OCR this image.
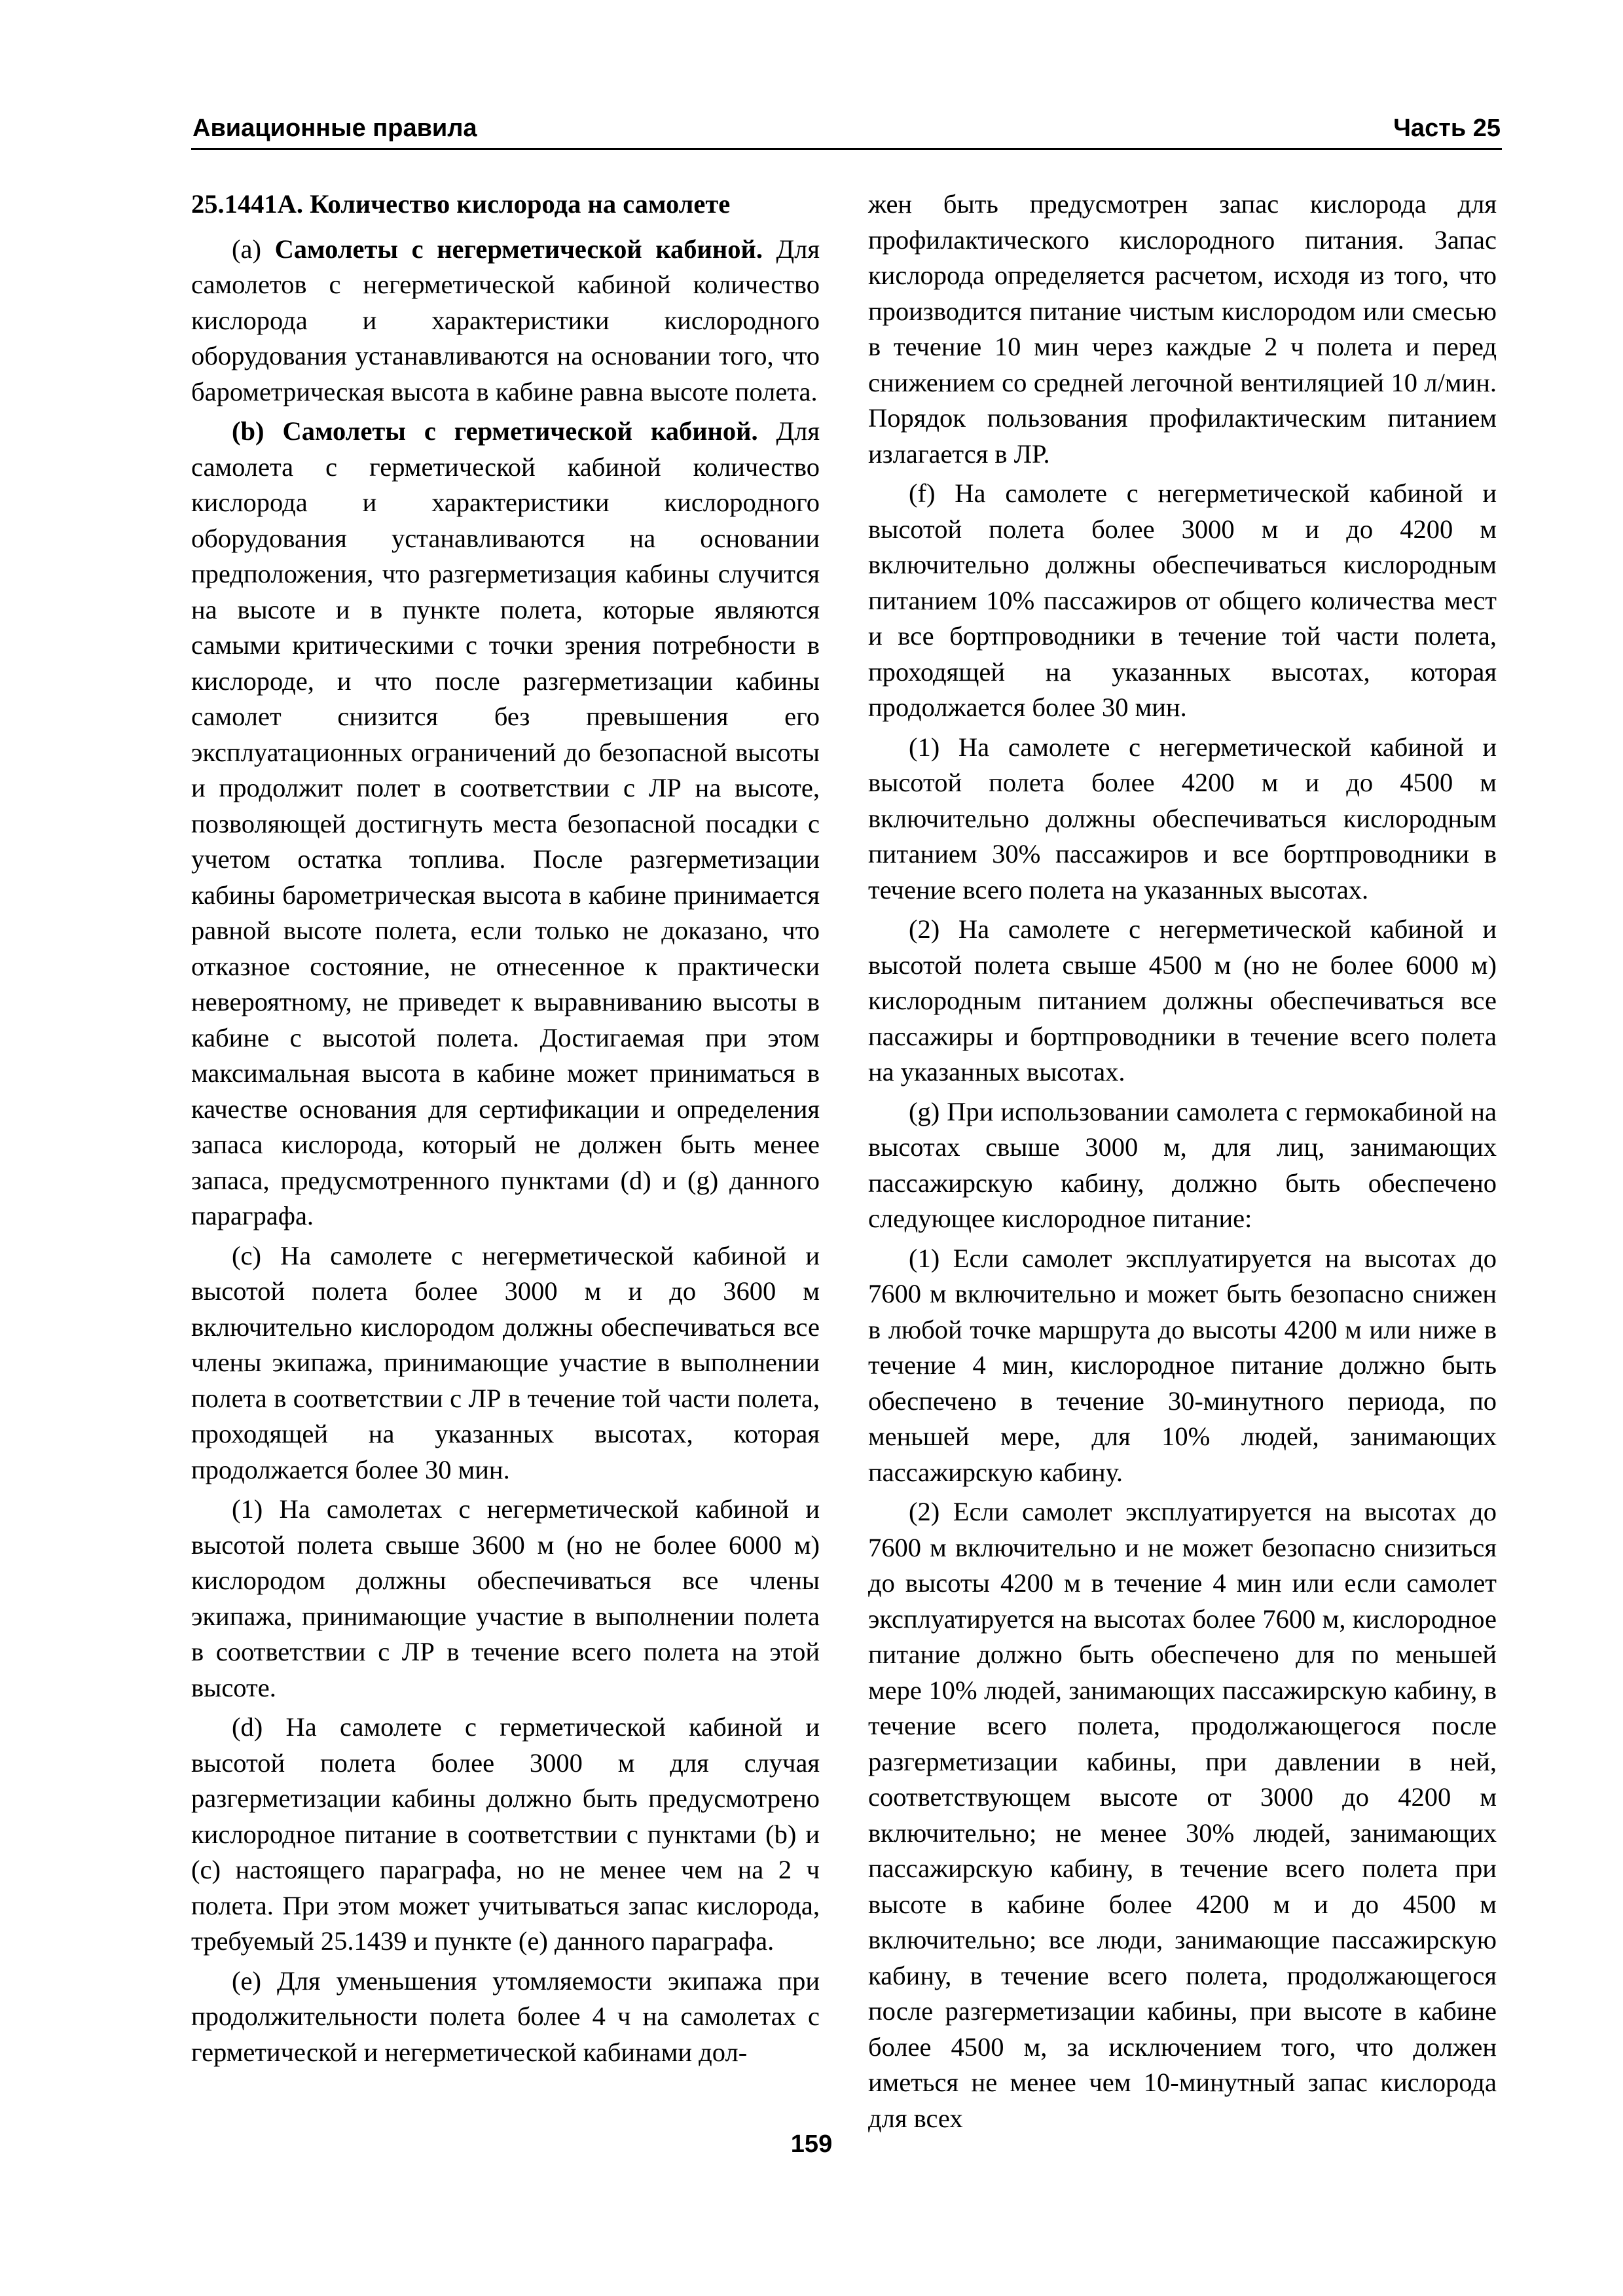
Авиационные правила	Часть 25
25.1441A. Количество кислорода на самолете

(a) Самолеты с негерметической кабиной. Для самолетов с негерметической кабиной количество кислорода и характеристики кислородного оборудования устанавливаются на основании того, что барометрическая высота в кабине равна высоте полета.

(b) Самолеты с герметической кабиной. Для самолета с герметической кабиной количество кислорода и характеристики кислородного оборудования устанавливаются на основании предположения, что разгерметизация кабины случится на высоте и в пункте полета, которые являются самыми критическими с точки зрения потребности в кислороде, и что после разгерметизации кабины самолет снизится без превышения его эксплуатационных ограничений до безопасной высоты и продолжит полет в соответствии с ЛР на высоте, позволяющей достигнуть места безопасной посадки с учетом остатка топлива. После разгерметизации кабины барометрическая высота в кабине принимается равной высоте полета, если только не доказано, что отказное состояние, не отнесенное к практически невероятному, не приведет к выравниванию высоты в кабине с высотой полета. Достигаемая при этом максимальная высота в кабине может приниматься в качестве основания для сертификации и определения запаса кислорода, который не должен быть менее запаса, предусмотренного пунктами (d) и (g) данного параграфа.

(c) На самолете с негерметической кабиной и высотой полета более 3000 м и до 3600 м включительно кислородом должны обеспечиваться все члены экипажа, принимающие участие в выполнении полета в соответствии с ЛР в течение той части полета, проходящей на указанных высотах, которая продолжается более 30 мин.

(1) На самолетах с негерметической кабиной и высотой полета свыше 3600 м (но не более 6000 м) кислородом должны обеспечиваться все члены экипажа, принимающие участие в выполнении полета в соответствии с ЛР в течение всего полета на этой высоте.

(d) На самолете с герметической кабиной и высотой полета более 3000 м для случая разгерметизации кабины должно быть предусмотрено кислородное питание в соответствии с пунктами (b) и (c) настоящего параграфа, но не менее чем на 2 ч полета. При этом может учитываться запас кислорода, требуемый 25.1439 и пункте (e) данного параграфа.

(e) Для уменьшения утомляемости экипажа при продолжительности полета более 4 ч на самолетах с герметической и негерметической кабинами дол-

жен быть предусмотрен запас кислорода для профилактического кислородного питания. Запас кислорода определяется расчетом, исходя из того, что производится питание чистым кислородом или смесью в течение 10 мин через каждые 2 ч полета и перед снижением со средней легочной вентиляцией 10 л/мин. Порядок пользования профилактическим питанием излагается в ЛР.

(f) На самолете с негерметической кабиной и высотой полета более 3000 м и до 4200 м включительно должны обеспечиваться кислородным питанием 10% пассажиров от общего количества мест и все бортпроводники в течение той части полета, проходящей на указанных высотах, которая продолжается более 30 мин.

(1) На самолете с негерметической кабиной и высотой полета более 4200 м и до 4500 м включительно должны обеспечиваться кислородным питанием 30% пассажиров и все бортпроводники в течение всего полета на указанных высотах.

(2) На самолете с негерметической кабиной и высотой полета свыше 4500 м (но не более 6000 м) кислородным питанием должны обеспечиваться все пассажиры и бортпроводники в течение всего полета на указанных высотах.

(g) При использовании самолета с гермокабиной на высотах свыше 3000 м, для лиц, занимающих пассажирскую кабину, должно быть обеспечено следующее кислородное питание:

(1) Если самолет эксплуатируется на высотах до 7600 м включительно и может быть безопасно снижен в любой точке маршрута до высоты 4200 м или ниже в течение 4 мин, кислородное питание должно быть обеспечено в течение 30-минутного периода, по меньшей мере, для 10% людей, занимающих пассажирскую кабину.

(2) Если самолет эксплуатируется на высотах до 7600 м включительно и не может безопасно снизиться до высоты 4200 м в течение 4 мин или если самолет эксплуатируется на высотах более 7600 м, кислородное питание должно быть обеспечено для по меньшей мере 10% людей, занимающих пассажирскую кабину, в течение всего полета, продолжающегося после разгерметизации кабины, при давлении в ней, соответствующем высоте от 3000 до 4200 м включительно; не менее 30% людей, занимающих пассажирскую кабину, в течение всего полета при высоте в кабине более 4200 м и до 4500 м включительно; все люди, занимающие пассажирскую кабину, в течение всего полета, продолжающегося после разгерметизации кабины, при высоте в кабине более 4500 м, за исключением того, что должен иметься не менее чем 10-минутный запас кислорода для всех

159
